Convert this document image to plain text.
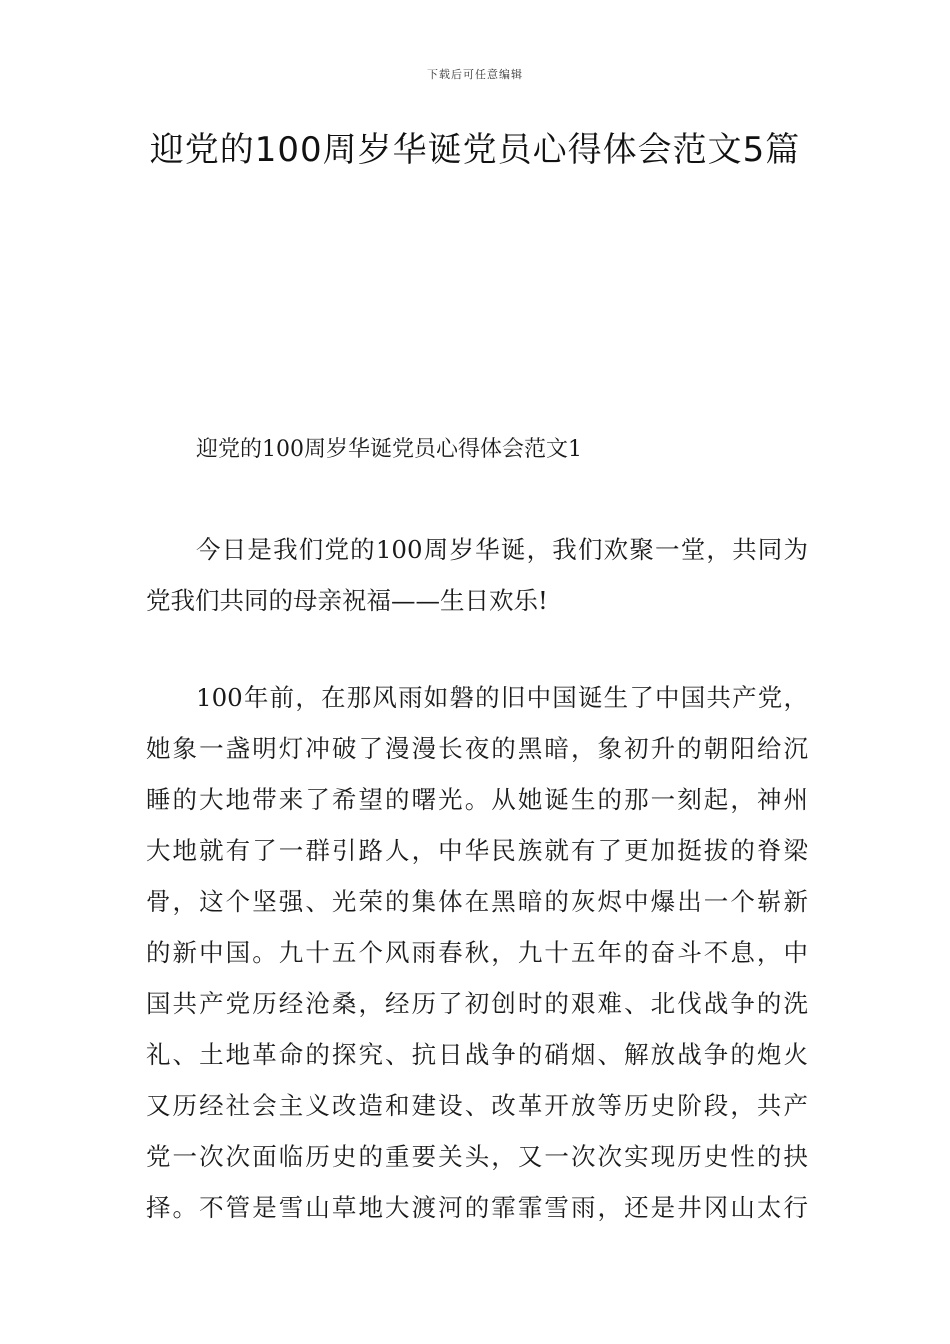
下载后可任意编辑
迎党的100周岁华诞党员心得体会范文5篇
迎党的100周岁华诞党员心得体会范文1

今日是我们党的100周岁华诞，我们欢聚一堂，共同为
党我们共同的母亲祝福——生日欢乐!

100年前，在那风雨如磐的旧中国诞生了中国共产党，
她象一盏明灯冲破了漫漫长夜的黑暗，象初升的朝阳给沉
睡的大地带来了希望的曙光。从她诞生的那一刻起，神州
大地就有了一群引路人，中华民族就有了更加挺拔的脊梁
骨，这个坚强、光荣的集体在黑暗的灰烬中爆出一个崭新
的新中国。九十五个风雨春秋，九十五年的奋斗不息，中
国共产党历经沧桑，经历了初创时的艰难、北伐战争的洗
礼、土地革命的探究、抗日战争的硝烟、解放战争的炮火
又历经社会主义改造和建设、改革开放等历史阶段，共产
党一次次面临历史的重要关头，又一次次实现历史性的抉
择。不管是雪山草地大渡河的霏霏雪雨，还是井冈山太行
